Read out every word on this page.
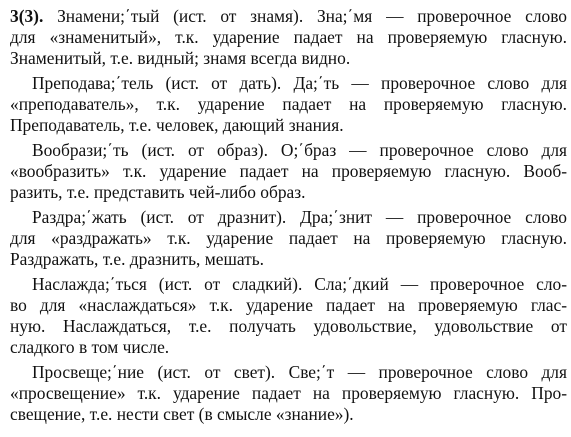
3(3). Знамени;΄тый (ист. от знамя). Зна;΄мя — проверочное слово
для «знаменитый», т.к. ударение падает на проверяемую гласную.
Знаменитый, т.е. видный; знамя всегда видно.
Преподава;΄тель (ист. от дать). Да;΄ть — проверочное слово для
«преподаватель», т.к. ударение падает на проверяемую гласную.
Преподаватель, т.е. человек, дающий знания.
Вообрази;΄ть (ист. от образ). О;΄браз — проверочное слово для
«вообразить» т.к. ударение падает на проверяемую гласную. Вооб-
разить, т.е. представить чей-либо образ.
Раздра;΄жать (ист. от дразнит). Дра;΄знит — проверочное слово
для «раздражать» т.к. ударение падает на проверяемую гласную.
Раздражать, т.е. дразнить, мешать.
Наслажда;΄ться (ист. от сладкий). Сла;΄дкий — проверочное сло-
во для «наслаждаться» т.к. ударение падает на проверяемую глас-
ную. Наслаждаться, т.е. получать удовольствие, удовольствие от
сладкого в том числе.
Просвеще;΄ние (ист. от свет). Све;΄т — проверочное слово для
«просвещение» т.к. ударение падает на проверяемую гласную. Про-
свещение, т.е. нести свет (в смысле «знание»).
